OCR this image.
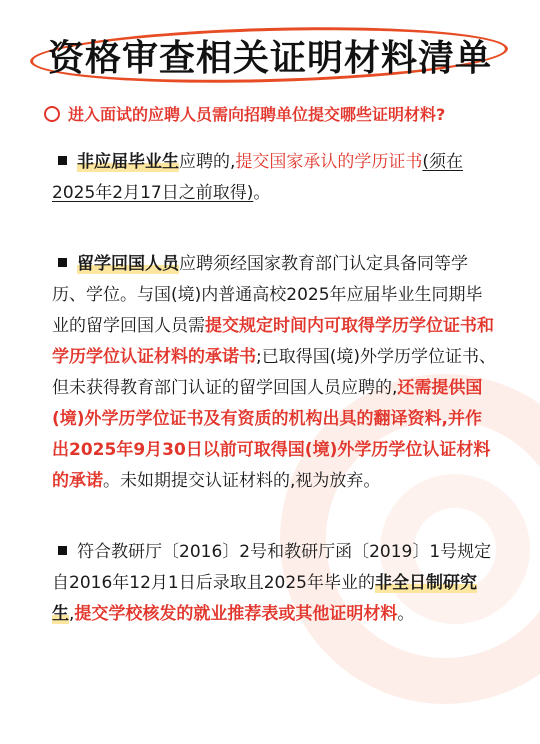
资格审查相关证明材料清单
进入面试的应聘人员需向招聘单位提交哪些证明材料?
非应届毕业生应聘的,提交国家承认的学历证书(须在2025年2月17日之前取得)。
留学回国人员应聘须经国家教育部门认定具备同等学历、学位。与国(境)内普通高校2025年应届毕业生同期毕业的留学回国人员需提交规定时间内可取得学历学位证书和学历学位认证材料的承诺书;已取得国(境)外学历学位证书、但未获得教育部门认证的留学回国人员应聘的,还需提供国(境)外学历学位证书及有资质的机构出具的翻译资料,并作出2025年9月30日以前可取得国(境)外学历学位认证材料的承诺。未如期提交认证材料的,视为放弃。
符合教研厅〔2016〕2号和教研厅函〔2019〕1号规定自2016年12月1日后录取且2025年毕业的非全日制研究生,提交学校核发的就业推荐表或其他证明材料。
